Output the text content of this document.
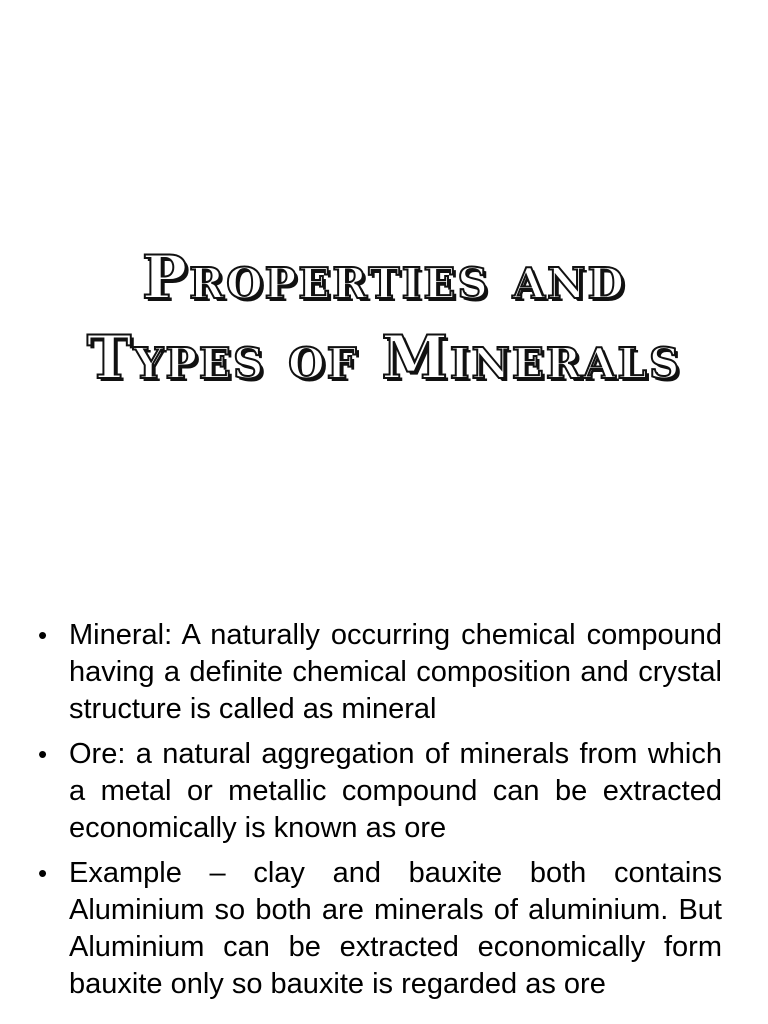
Properties and
Types of Minerals
• Mineral: A naturally occurring chemical compound having a definite chemical composition and crystal structure is called as mineral
• Ore: a natural aggregation of minerals from which a metal or metallic compound can be extracted economically is known as ore
• Example – clay and bauxite both contains Aluminium so both are minerals of aluminium. But Aluminium can be extracted economically form bauxite only so bauxite is regarded as ore
